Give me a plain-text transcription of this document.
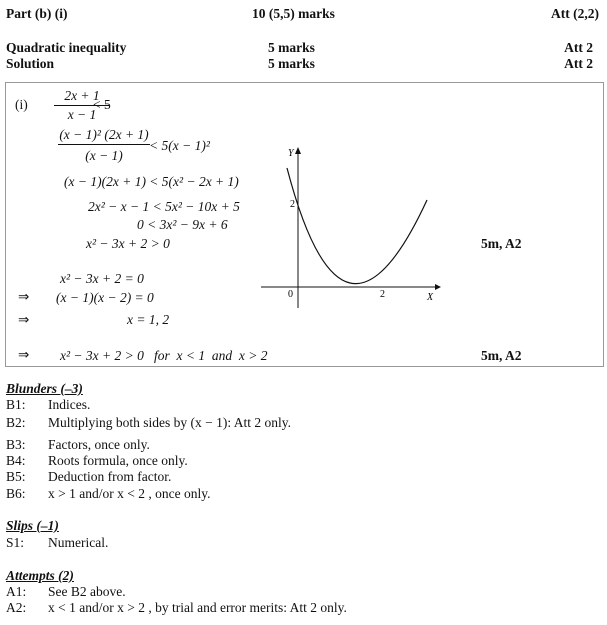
Part (b) (i)	10 (5,5) marks	Att (2,2)
Quadratic inequality	5 marks	Att 2
Solution	5 marks	Att 2
(i)
2x + 1
x − 1
< 5
(x − 1)² (2x + 1)
(x − 1)
< 5(x − 1)²
(x − 1)(2x + 1) < 5(x² − 2x + 1)
2x² − x − 1 < 5x² − 10x + 5
0 < 3x² − 9x + 6
x² − 3x + 2 > 0	5m, A2
x² − 3x + 2 = 0
⇒ (x − 1)(x − 2) = 0
⇒	x = 1, 2
⇒ x² − 3x + 2 > 0   for  x < 1  and  x > 2	5m, A2
Y
X
0	2
2
Blunders (–3)
B1: Indices.
B2: Multiplying both sides by (x − 1): Att 2 only.
B3: Factors, once only.
B4: Roots formula, once only.
B5: Deduction from factor.
B6: x > 1 and/or x < 2 , once only.
Slips (–1)
S1: Numerical.
Attempts (2)
A1: See B2 above.
A2: x < 1 and/or x > 2 , by trial and error merits: Att 2 only.
